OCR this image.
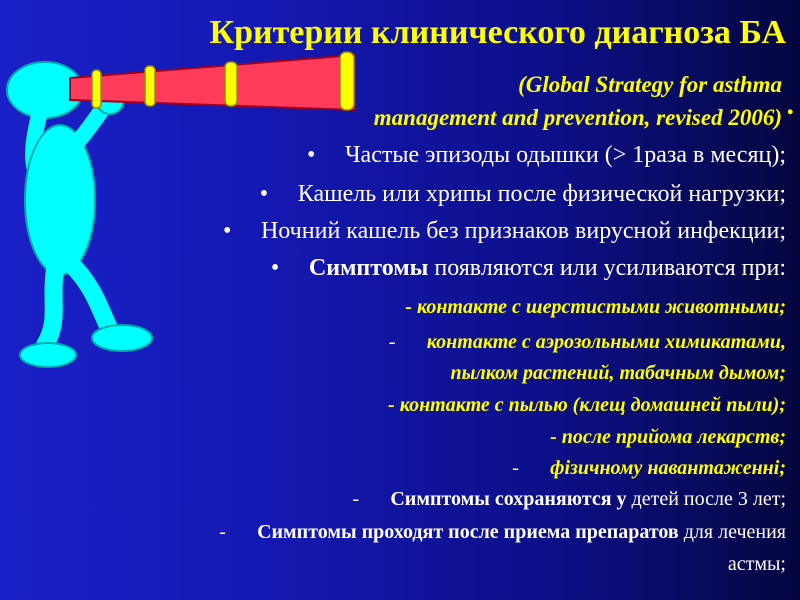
Критерии клинического диагноза БА
(Global Strategy for asthma
management and prevention, revised 2006) .
• Частые эпизоды одышки (> 1раза в месяц);
• Кашель или хрипы после физической нагрузки;
• Ночний кашель без признаков вирусной инфекции;
• Симптомы появляются или усиливаются при:
- контакте с шерстистыми животными;
- контакте с аэрозольными химикатами,
пылком растений, табачным дымом;
- контакте с пылью (клещ домашней пыли);
- после прийома лекарств;
- фізичному навантаженні;
- Симптомы сохраняются у детей после 3 лет;
- Симптомы проходят после приема препаратов для лечения
астмы;
